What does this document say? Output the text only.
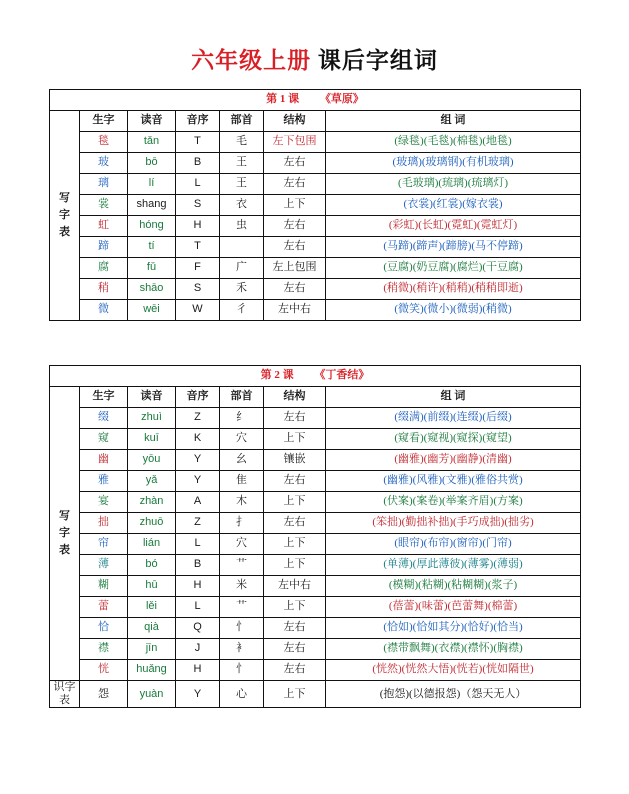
六年级上册 课后字组词
第 1 课 《草原》						

写
字
表	生字	读音	音序	部首	结构	组 词
	毯	tǎn	T	毛	左下包围	(绿毯)(毛毯)(棉毯)(地毯)
	玻	bō	B	王	左右	(玻璃)(玻璃钢)(有机玻璃)
	璃	lí	L	王	左右	(毛玻璃)(琉璃)(琉璃灯)
	裳	shang	S	衣	上下	(衣裳)(红裳)(嫁衣裳)
	虹	hóng	H	虫	左右	(彩虹)(长虹)(霓虹)(霓虹灯)
	蹄	tí	T		左右	(马蹄)(蹄声)(蹄膀)(马不停蹄)
	腐	fǔ	F	广	左上包围	(豆腐)(奶豆腐)(腐烂)(干豆腐)
	稍	shāo	S	禾	左右	(稍微)(稍许)(稍稍)(稍稍即逝)
	微	wēi	W	彳	左中右	(微笑)(微小)(微弱)(稍微)
第 2 课 《丁香结》						

写
字
表	生字	读音	音序	部首	结构	组 词
	缀	zhuì	Z	纟	左右	(缀满)(前缀)(连缀)(后缀)
	窥	kuī	K	穴	上下	(窥看)(窥视)(窥探)(窥望)
	幽	yōu	Y	幺	镶嵌	(幽雅)(幽芳)(幽静)(清幽)
	雅	yǎ	Y	隹	左右	(幽雅)(风雅)(文雅)(雅俗共赏)
	宴	zhàn	A	木	上下	(伏案)(案卷)(举案齐眉)(方案)
	拙	zhuō	Z	扌	左右	(笨拙)(勤拙补拙)(手巧成拙)(拙劣)
	帘	lián	L	穴	上下	(眼帘)(布帘)(窗帘)(门帘)
	薄	bó	B	艹	上下	(单薄)(厚此薄彼)(薄雾)(薄弱)
	糊	hū	H	米	左中右	(模糊)(粘糊)(粘糊糊)(浆子)
	蕾	lěi	L	艹	上下	(蓓蕾)(味蕾)(芭蕾舞)(棉蕾)
	恰	qià	Q	忄	左右	(恰如)(恰如其分)(恰好)(恰当)
	襟	jīn	J	衤	左右	(襟带飘舞)(衣襟)(襟怀)(胸襟)
	恍	huǎng	H	忄	左右	(恍然)(恍然大悟)(恍若)(恍如隔世)
识字表	怨	yuàn	Y	心	上下	(抱怨)(以德报怨)（怨天无人）
